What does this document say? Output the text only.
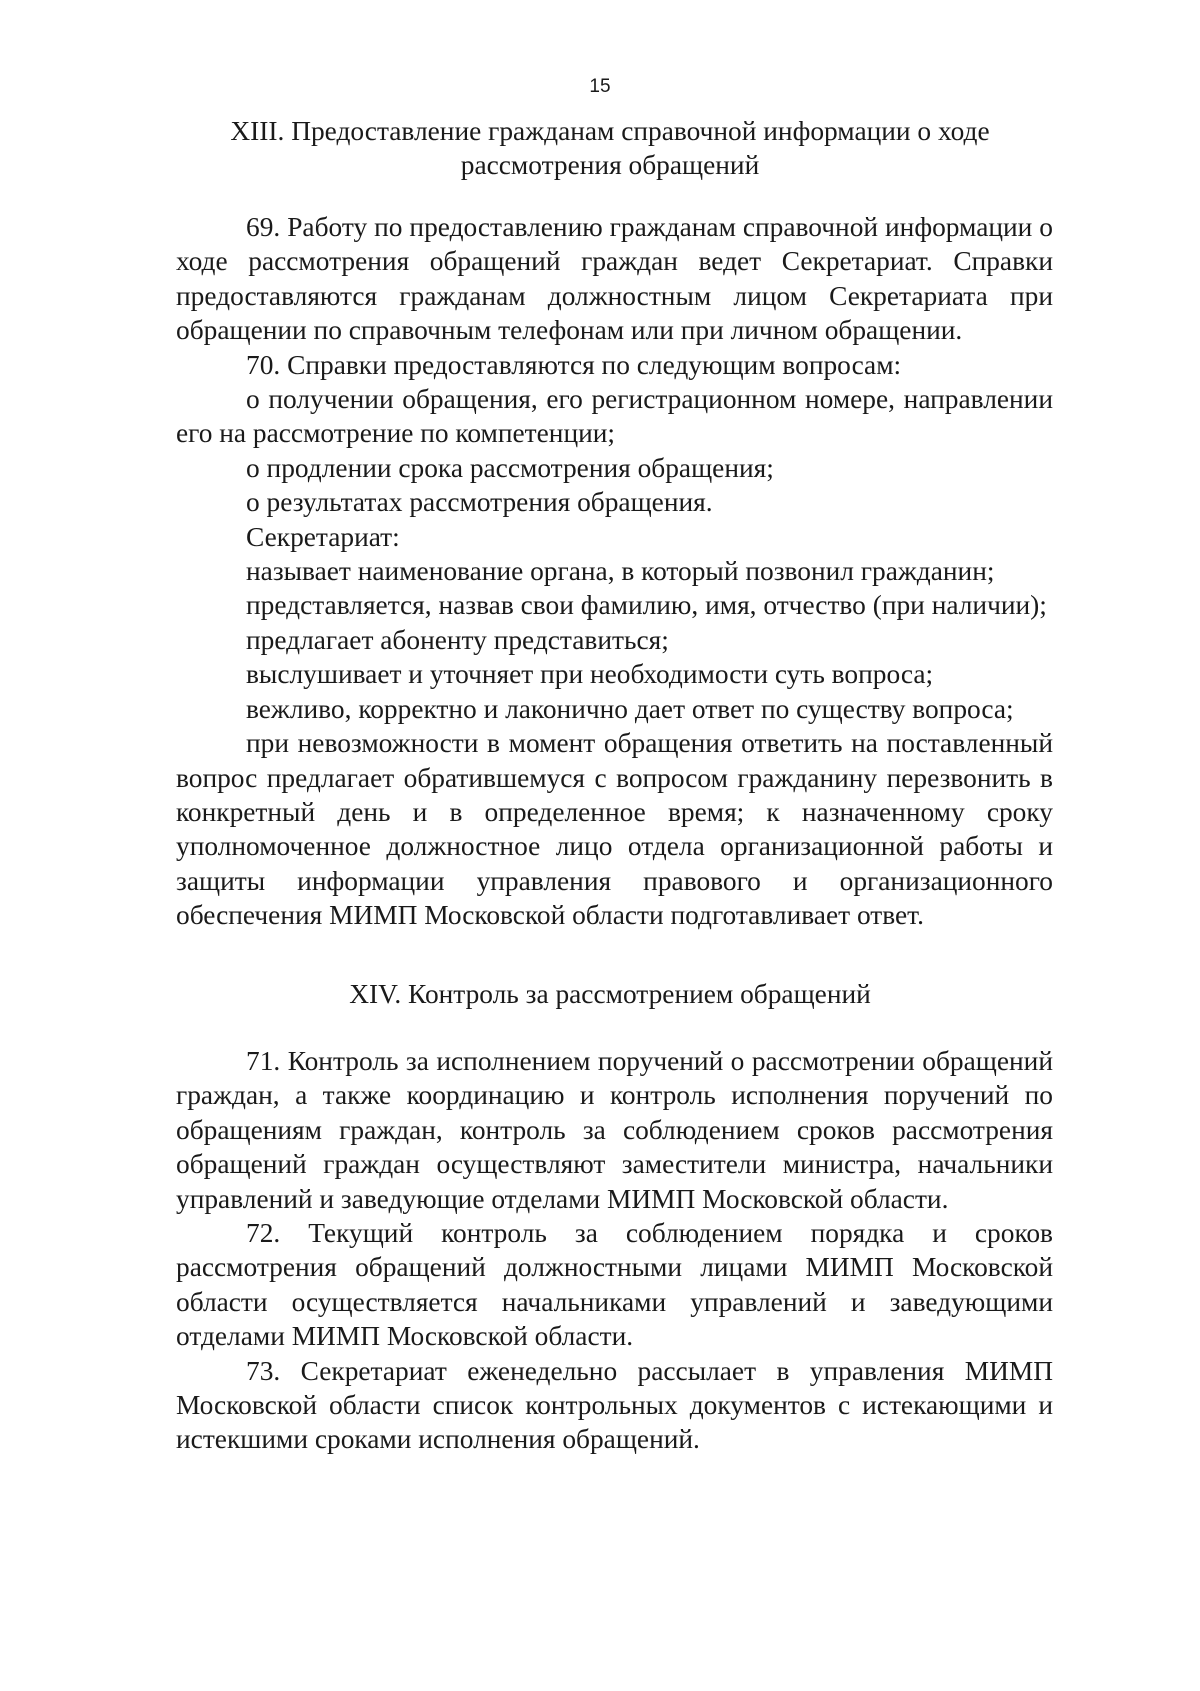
15
XIII. Предоставление гражданам справочной информации о ходе
рассмотрения обращений

69. Работу по предоставлению гражданам справочной информации о ходе рассмотрения обращений граждан ведет Секретариат. Справки предоставляются гражданам должностным лицом Секретариата при обращении по справочным телефонам или при личном обращении.

70. Справки предоставляются по следующим вопросам:

о получении обращения, его регистрационном номере, направлении его на рассмотрение по компетенции;

о продлении срока рассмотрения обращения;

о результатах рассмотрения обращения.

Секретариат:

называет наименование органа, в который позвонил гражданин;

представляется, назвав свои фамилию, имя, отчество (при наличии);

предлагает абоненту представиться;

выслушивает и уточняет при необходимости суть вопроса;

вежливо, корректно и лаконично дает ответ по существу вопроса;

при невозможности в момент обращения ответить на поставленный вопрос предлагает обратившемуся с вопросом гражданину перезвонить в конкретный день и в определенное время; к назначенному сроку уполномоченное должностное лицо отдела организационной работы и защиты информации управления правового и организационного обеспечения МИМП Московской области подготавливает ответ.

XIV. Контроль за рассмотрением обращений

71. Контроль за исполнением поручений о рассмотрении обращений граждан, а также координацию и контроль исполнения поручений по обращениям граждан, контроль за соблюдением сроков рассмотрения обращений граждан осуществляют заместители министра, начальники управлений и заведующие отделами МИМП Московской области.

72. Текущий контроль за соблюдением порядка и сроков рассмотрения обращений должностными лицами МИМП Московской области осуществляется начальниками управлений и заведующими отделами МИМП Московской области.

73. Секретариат еженедельно рассылает в управления МИМП Московской области список контрольных документов с истекающими и истекшими сроками исполнения обращений.
